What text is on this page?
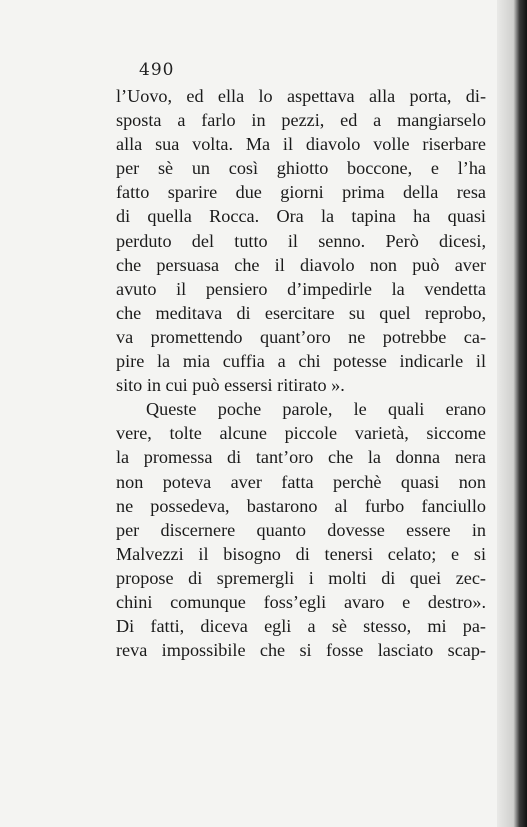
490
l’Uovo, ed ella lo aspettava alla porta, di-
sposta a farlo in pezzi, ed a mangiarselo
alla sua volta. Ma il diavolo volle riserbare
per sè un così ghiotto boccone, e l’ha
fatto sparire due giorni prima della resa
di quella Rocca. Ora la tapina ha quasi
perduto del tutto il senno. Però dicesi,
che persuasa che il diavolo non può aver
avuto il pensiero d’impedirle la vendetta
che meditava di esercitare su quel reprobo,
va promettendo quant’oro ne potrebbe ca-
pire la mia cuffia a chi potesse indicarle il
sito in cui può essersi ritirato ».
Queste poche parole, le quali erano
vere, tolte alcune piccole varietà, siccome
la promessa di tant’oro che la donna nera
non poteva aver fatta perchè quasi non
ne possedeva, bastarono al furbo fanciullo
per discernere quanto dovesse essere in
Malvezzi il bisogno di tenersi celato; e si
propose di spremergli i molti di quei zec-
chini comunque foss’egli avaro e destro».
Di fatti, diceva egli a sè stesso, mi pa-
reva impossibile che si fosse lasciato scap-
